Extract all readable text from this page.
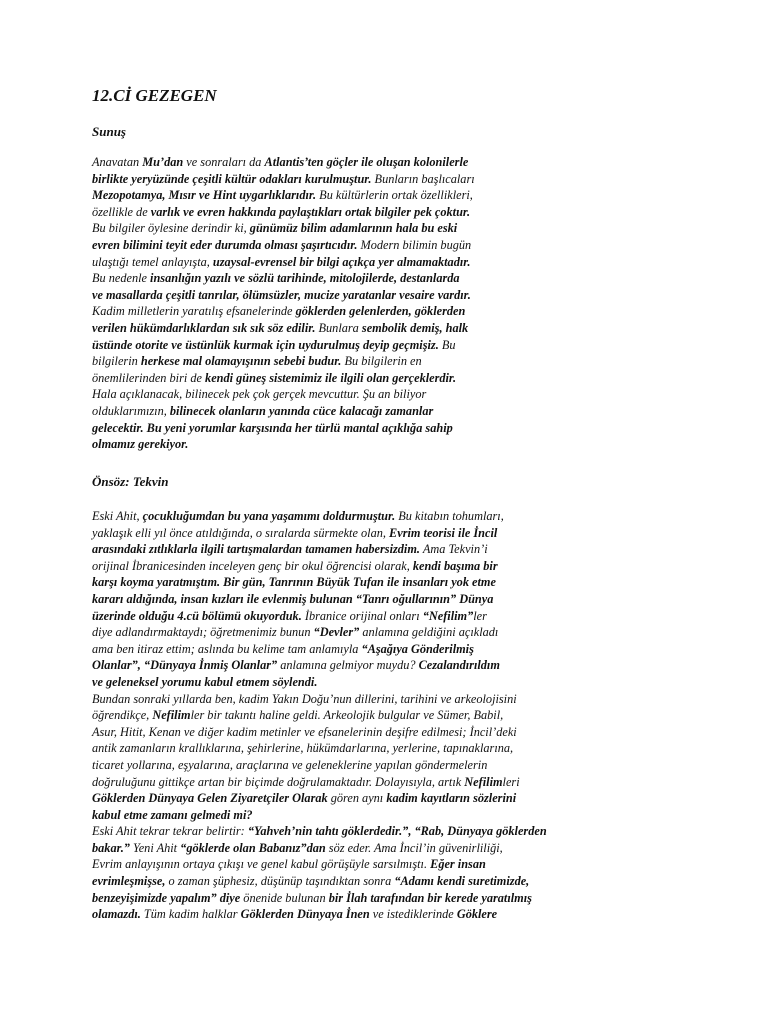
12.Cİ GEZEGEN
Sunuş
Anavatan Mu’dan ve sonraları da Atlantis’ten göçler ile oluşan kolonilerle
birlikte yeryüzünde çeşitli kültür odakları kurulmuştur. Bunların başlıcaları
Mezopotamya, Mısır ve Hint uygarlıklarıdır. Bu kültürlerin ortak özellikleri,
özellikle de varlık ve evren hakkında paylaştıkları ortak bilgiler pek çoktur.
Bu bilgiler öylesine derindir ki, günümüz bilim adamlarının hala bu eski
evren bilimini teyit eder durumda olması şaşırtıcıdır. Modern bilimin bugün
ulaştığı temel anlayışta, uzaysal-evrensel bir bilgi açıkça yer almamaktadır.
Bu nedenle insanlığın yazılı ve sözlü tarihinde, mitolojilerde, destanlarda
ve masallarda çeşitli tanrılar, ölümsüzler, mucize yaratanlar vesaire vardır.
Kadim milletlerin yaratılış efsanelerinde göklerden gelenlerden, göklerden
verilen hükümdarlıklardan sık sık söz edilir. Bunlara sembolik demiş, halk
üstünde otorite ve üstünlük kurmak için uydurulmuş deyip geçmişiz. Bu
bilgilerin herkese mal olamayışının sebebi budur. Bu bilgilerin en
önemlilerinden biri de kendi güneş sistemimiz ile ilgili olan gerçeklerdir.
Hala açıklanacak, bilinecek pek çok gerçek mevcuttur. Şu an biliyor
olduklarımızın, bilinecek olanların yanında cüce kalacağı zamanlar
gelecektir. Bu yeni yorumlar karşısında her türlü mantal açıklığa sahip
olmamız gerekiyor.
Önsöz: Tekvin
Eski Ahit, çocukluğumdan bu yana yaşamımı doldurmuştur. Bu kitabın tohumları,
yaklaşık elli yıl önce atıldığında, o sıralarda sürmekte olan, Evrim teorisi ile İncil
arasındaki zıtlıklarla ilgili tartışmalardan tamamen habersizdim. Ama Tekvin’i
orijinal İbranicesinden inceleyen genç bir okul öğrencisi olarak, kendi başıma bir
karşı koyma yaratmıştım. Bir gün, Tanrının Büyük Tufan ile insanları yok etme
kararı aldığında, insan kızları ile evlenmiş bulunan “Tanrı oğullarının” Dünya
üzerinde olduğu 4.cü bölümü okuyorduk. İbranice orijinal onları “Nefilim”ler
diye adlandırmaktaydı; öğretmenimiz bunun “Devler” anlamına geldiğini açıkladı
ama ben itiraz ettim; aslında bu kelime tam anlamıyla “Aşağıya Gönderilmiş
Olanlar”, “Dünyaya İnmiş Olanlar” anlamına gelmiyor muydu? Cezalandırıldım
ve geleneksel yorumu kabul etmem söylendi.
Bundan sonraki yıllarda ben, kadim Yakın Doğu’nun dillerini, tarihini ve arkeolojisini
öğrendikçe, Nefilimler bir takıntı haline geldi. Arkeolojik bulgular ve Sümer, Babil,
Asur, Hitit, Kenan ve diğer kadim metinler ve efsanelerinin deşifre edilmesi; İncil’deki
antik zamanların krallıklarına, şehirlerine, hükümdarlarına, yerlerine, tapınaklarına,
ticaret yollarına, eşyalarına, araçlarına ve geleneklerine yapılan göndermelerin
doğruluğunu gittikçe artan bir biçimde doğrulamaktadır. Dolayısıyla, artık Nefilimleri
Göklerden Dünyaya Gelen Ziyaretçiler Olarak gören aynı kadim kayıtların sözlerini
kabul etme zamanı gelmedi mi?
Eski Ahit tekrar tekrar belirtir: “Yahveh’nin tahtı göklerdedir.”, “Rab, Dünyaya göklerden
bakar.” Yeni Ahit “göklerde olan Babanız”dan söz eder. Ama İncil’in güvenirliliği,
Evrim anlayışının ortaya çıkışı ve genel kabul görüşüyle sarsılmıştı. Eğer insan
evrimleşmişse, o zaman şüphesiz, düşünüp taşındıktan sonra “Adamı kendi suretimizde,
benzeyişimizde yapalım” diye önenide bulunan bir İlah tarafından bir kerede yaratılmış
olamazdı. Tüm kadim halklar Göklerden Dünyaya İnen ve istediklerinde Göklere
